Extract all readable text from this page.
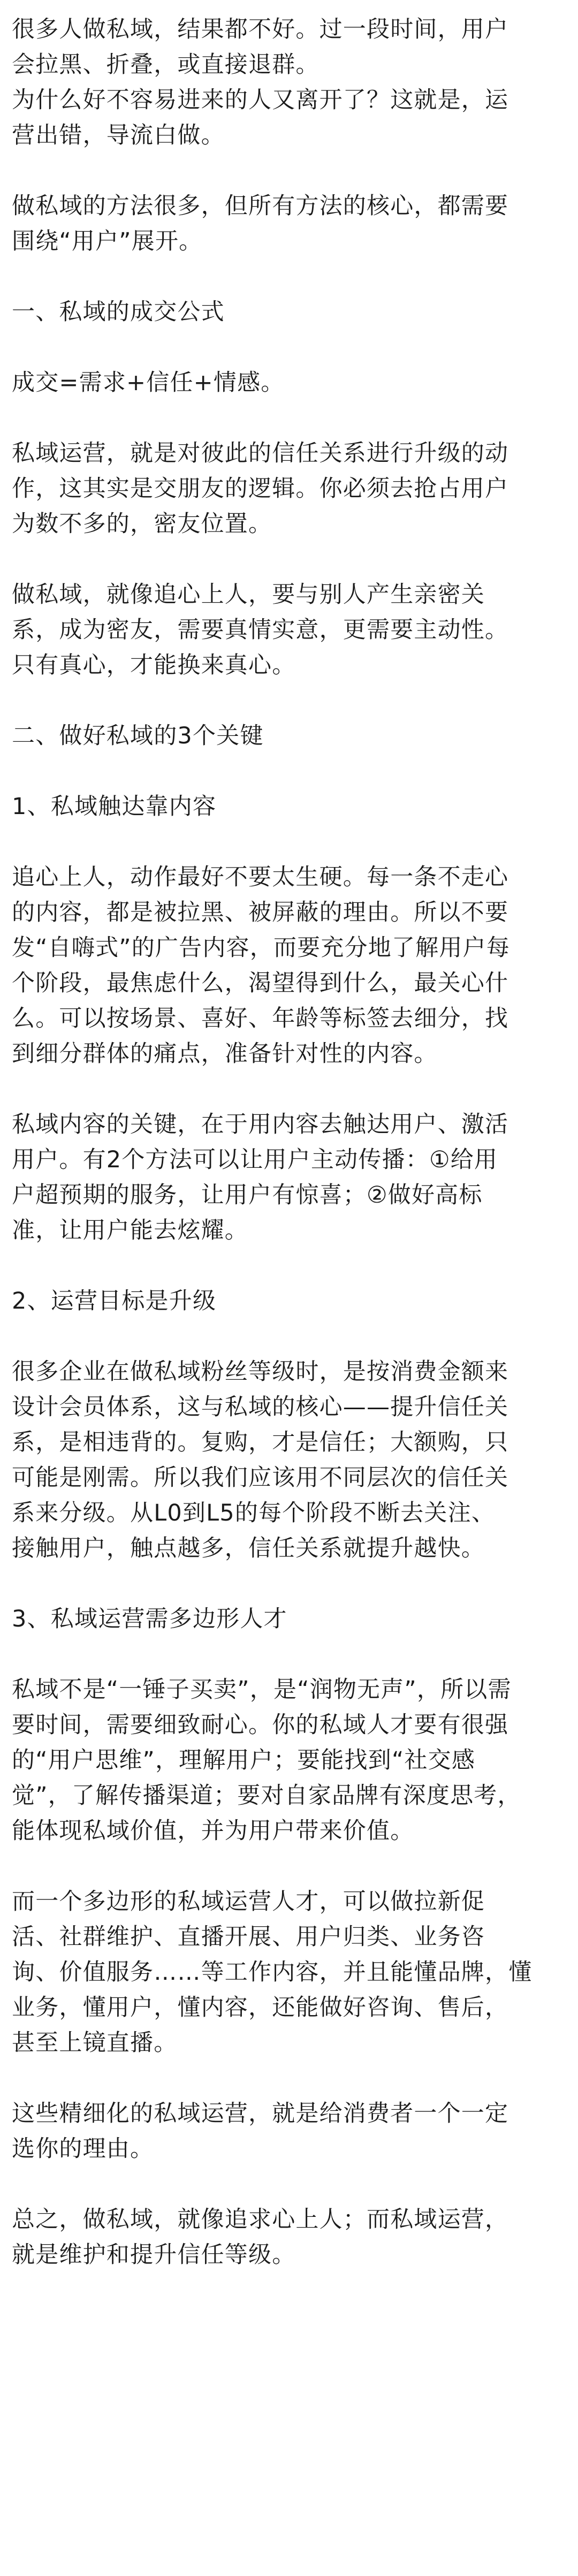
很多人做私域，结果都不好。过一段时间，用户
会拉黑、折叠，或直接退群。
为什么好不容易进来的人又离开了？这就是，运
营出错，导流白做。

做私域的方法很多，但所有方法的核心，都需要
围绕“用户”展开。

一、私域的成交公式

成交=需求+信任+情感。

私域运营，就是对彼此的信任关系进行升级的动
作，这其实是交朋友的逻辑。你必须去抢占用户
为数不多的，密友位置。

做私域，就像追心上人，要与别人产生亲密关
系，成为密友，需要真情实意，更需要主动性。
只有真心，才能换来真心。

二、做好私域的3个关键

1、私域触达靠内容

追心上人，动作最好不要太生硬。每一条不走心
的内容，都是被拉黑、被屏蔽的理由。所以不要
发“自嗨式”的广告内容，而要充分地了解用户每
个阶段，最焦虑什么，渴望得到什么，最关心什
么。可以按场景、喜好、年龄等标签去细分，找
到细分群体的痛点，准备针对性的内容。

私域内容的关键，在于用内容去触达用户、激活
用户。有2个方法可以让用户主动传播：①给用
户超预期的服务，让用户有惊喜；②做好高标
准，让用户能去炫耀。

2、运营目标是升级

很多企业在做私域粉丝等级时，是按消费金额来
设计会员体系，这与私域的核心——提升信任关
系，是相违背的。复购，才是信任；大额购，只
可能是刚需。所以我们应该用不同层次的信任关
系来分级。从L0到L5的每个阶段不断去关注、
接触用户，触点越多，信任关系就提升越快。

3、私域运营需多边形人才

私域不是“一锤子买卖”，是“润物无声”，所以需
要时间，需要细致耐心。你的私域人才要有很强
的“用户思维”，理解用户；要能找到“社交感
觉”，了解传播渠道；要对自家品牌有深度思考，
能体现私域价值，并为用户带来价值。

而一个多边形的私域运营人才，可以做拉新促
活、社群维护、直播开展、用户归类、业务咨
询、价值服务……等工作内容，并且能懂品牌，懂
业务，懂用户，懂内容，还能做好咨询、售后，
甚至上镜直播。

这些精细化的私域运营，就是给消费者一个一定
选你的理由。

总之，做私域，就像追求心上人；而私域运营，
就是维护和提升信任等级。
